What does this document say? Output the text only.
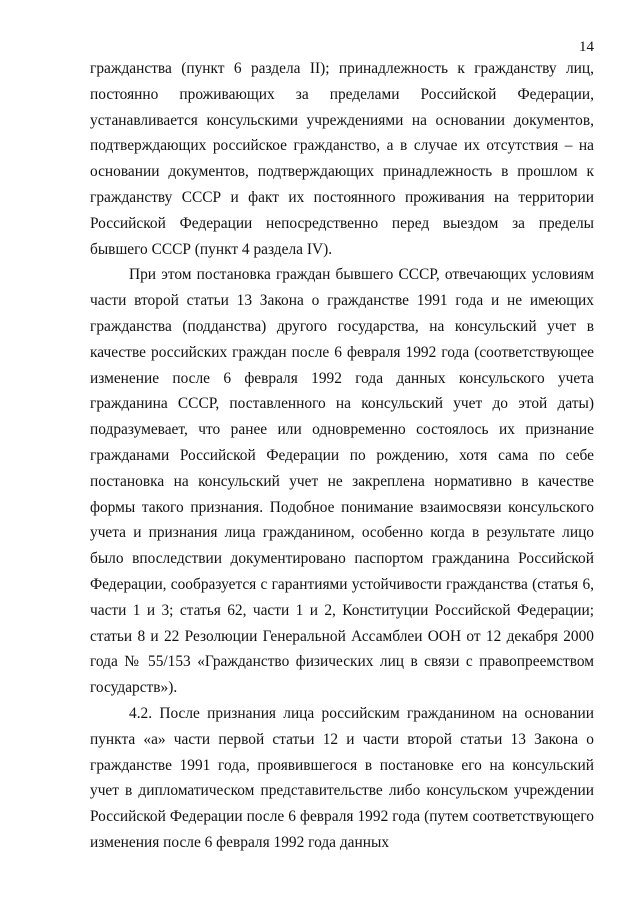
14

гражданства (пункт 6 раздела II); принадлежность к гражданству лиц, постоянно проживающих за пределами Российской Федерации, устанавливается консульскими учреждениями на основании документов, подтверждающих российское гражданство, а в случае их отсутствия – на основании документов, подтверждающих принадлежность в прошлом к гражданству СССР и факт их постоянного проживания на территории Российской Федерации непосредственно перед выездом за пределы бывшего СССР (пункт 4 раздела IV).

При этом постановка граждан бывшего СССР, отвечающих условиям части второй статьи 13 Закона о гражданстве 1991 года и не имеющих гражданства (подданства) другого государства, на консульский учет в качестве российских граждан после 6 февраля 1992 года (соответствующее изменение после 6 февраля 1992 года данных консульского учета гражданина СССР, поставленного на консульский учет до этой даты) подразумевает, что ранее или одновременно состоялось их признание гражданами Российской Федерации по рождению, хотя сама по себе постановка на консульский учет не закреплена нормативно в качестве формы такого признания. Подобное понимание взаимосвязи консульского учета и признания лица гражданином, особенно когда в результате лицо было впоследствии документировано паспортом гражданина Российской Федерации, сообразуется с гарантиями устойчивости гражданства (статья 6, части 1 и 3; статья 62, части 1 и 2, Конституции Российской Федерации; статьи 8 и 22 Резолюции Генеральной Ассамблеи ООН от 12 декабря 2000 года № 55/153 «Гражданство физических лиц в связи с правопреемством государств»).

4.2. После признания лица российским гражданином на основании пункта «а» части первой статьи 12 и части второй статьи 13 Закона о гражданстве 1991 года, проявившегося в постановке его на консульский учет в дипломатическом представительстве либо консульском учреждении Российской Федерации после 6 февраля 1992 года (путем соответствующего изменения после 6 февраля 1992 года данных
